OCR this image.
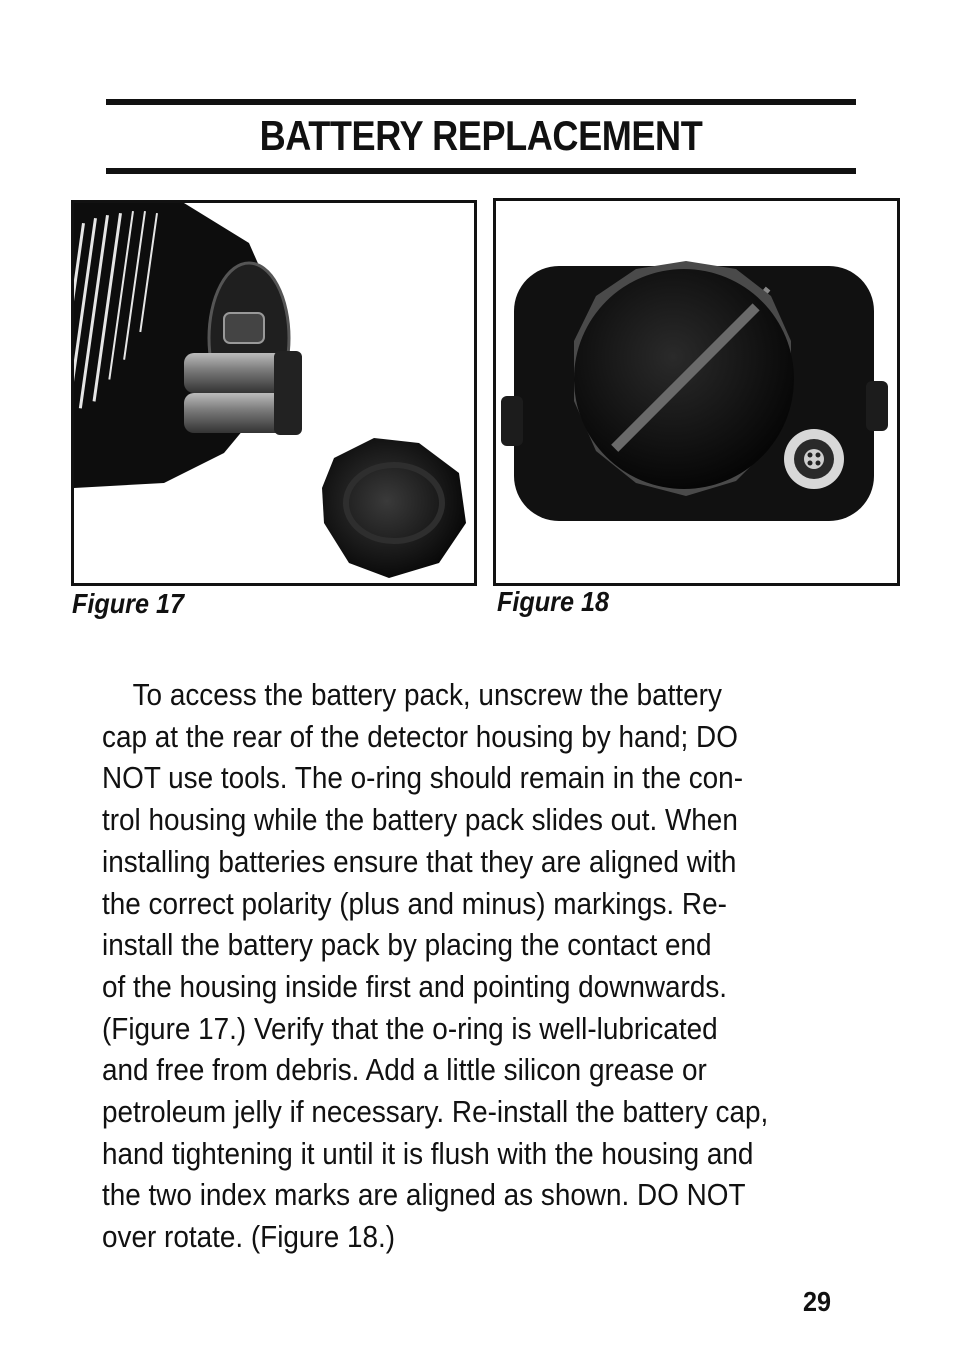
BATTERY REPLACEMENT
Figure 17	Figure 18
To access the battery pack, unscrew the battery
cap at the rear of the detector housing by hand; DO
NOT use tools. The o-ring should remain in the con-
trol housing while the battery pack slides out. When
installing batteries ensure that they are aligned with
the correct polarity (plus and minus) markings. Re-
install the battery pack by placing the contact end
of the housing inside first and pointing downwards.
(Figure 17.) Verify that the o-ring is well-lubricated
and free from debris. Add a little silicon grease or
petroleum jelly if necessary. Re-install the battery cap,
hand tightening it until it is flush with the housing and
the two index marks are aligned as shown. DO NOT
over rotate. (Figure 18.)
29
